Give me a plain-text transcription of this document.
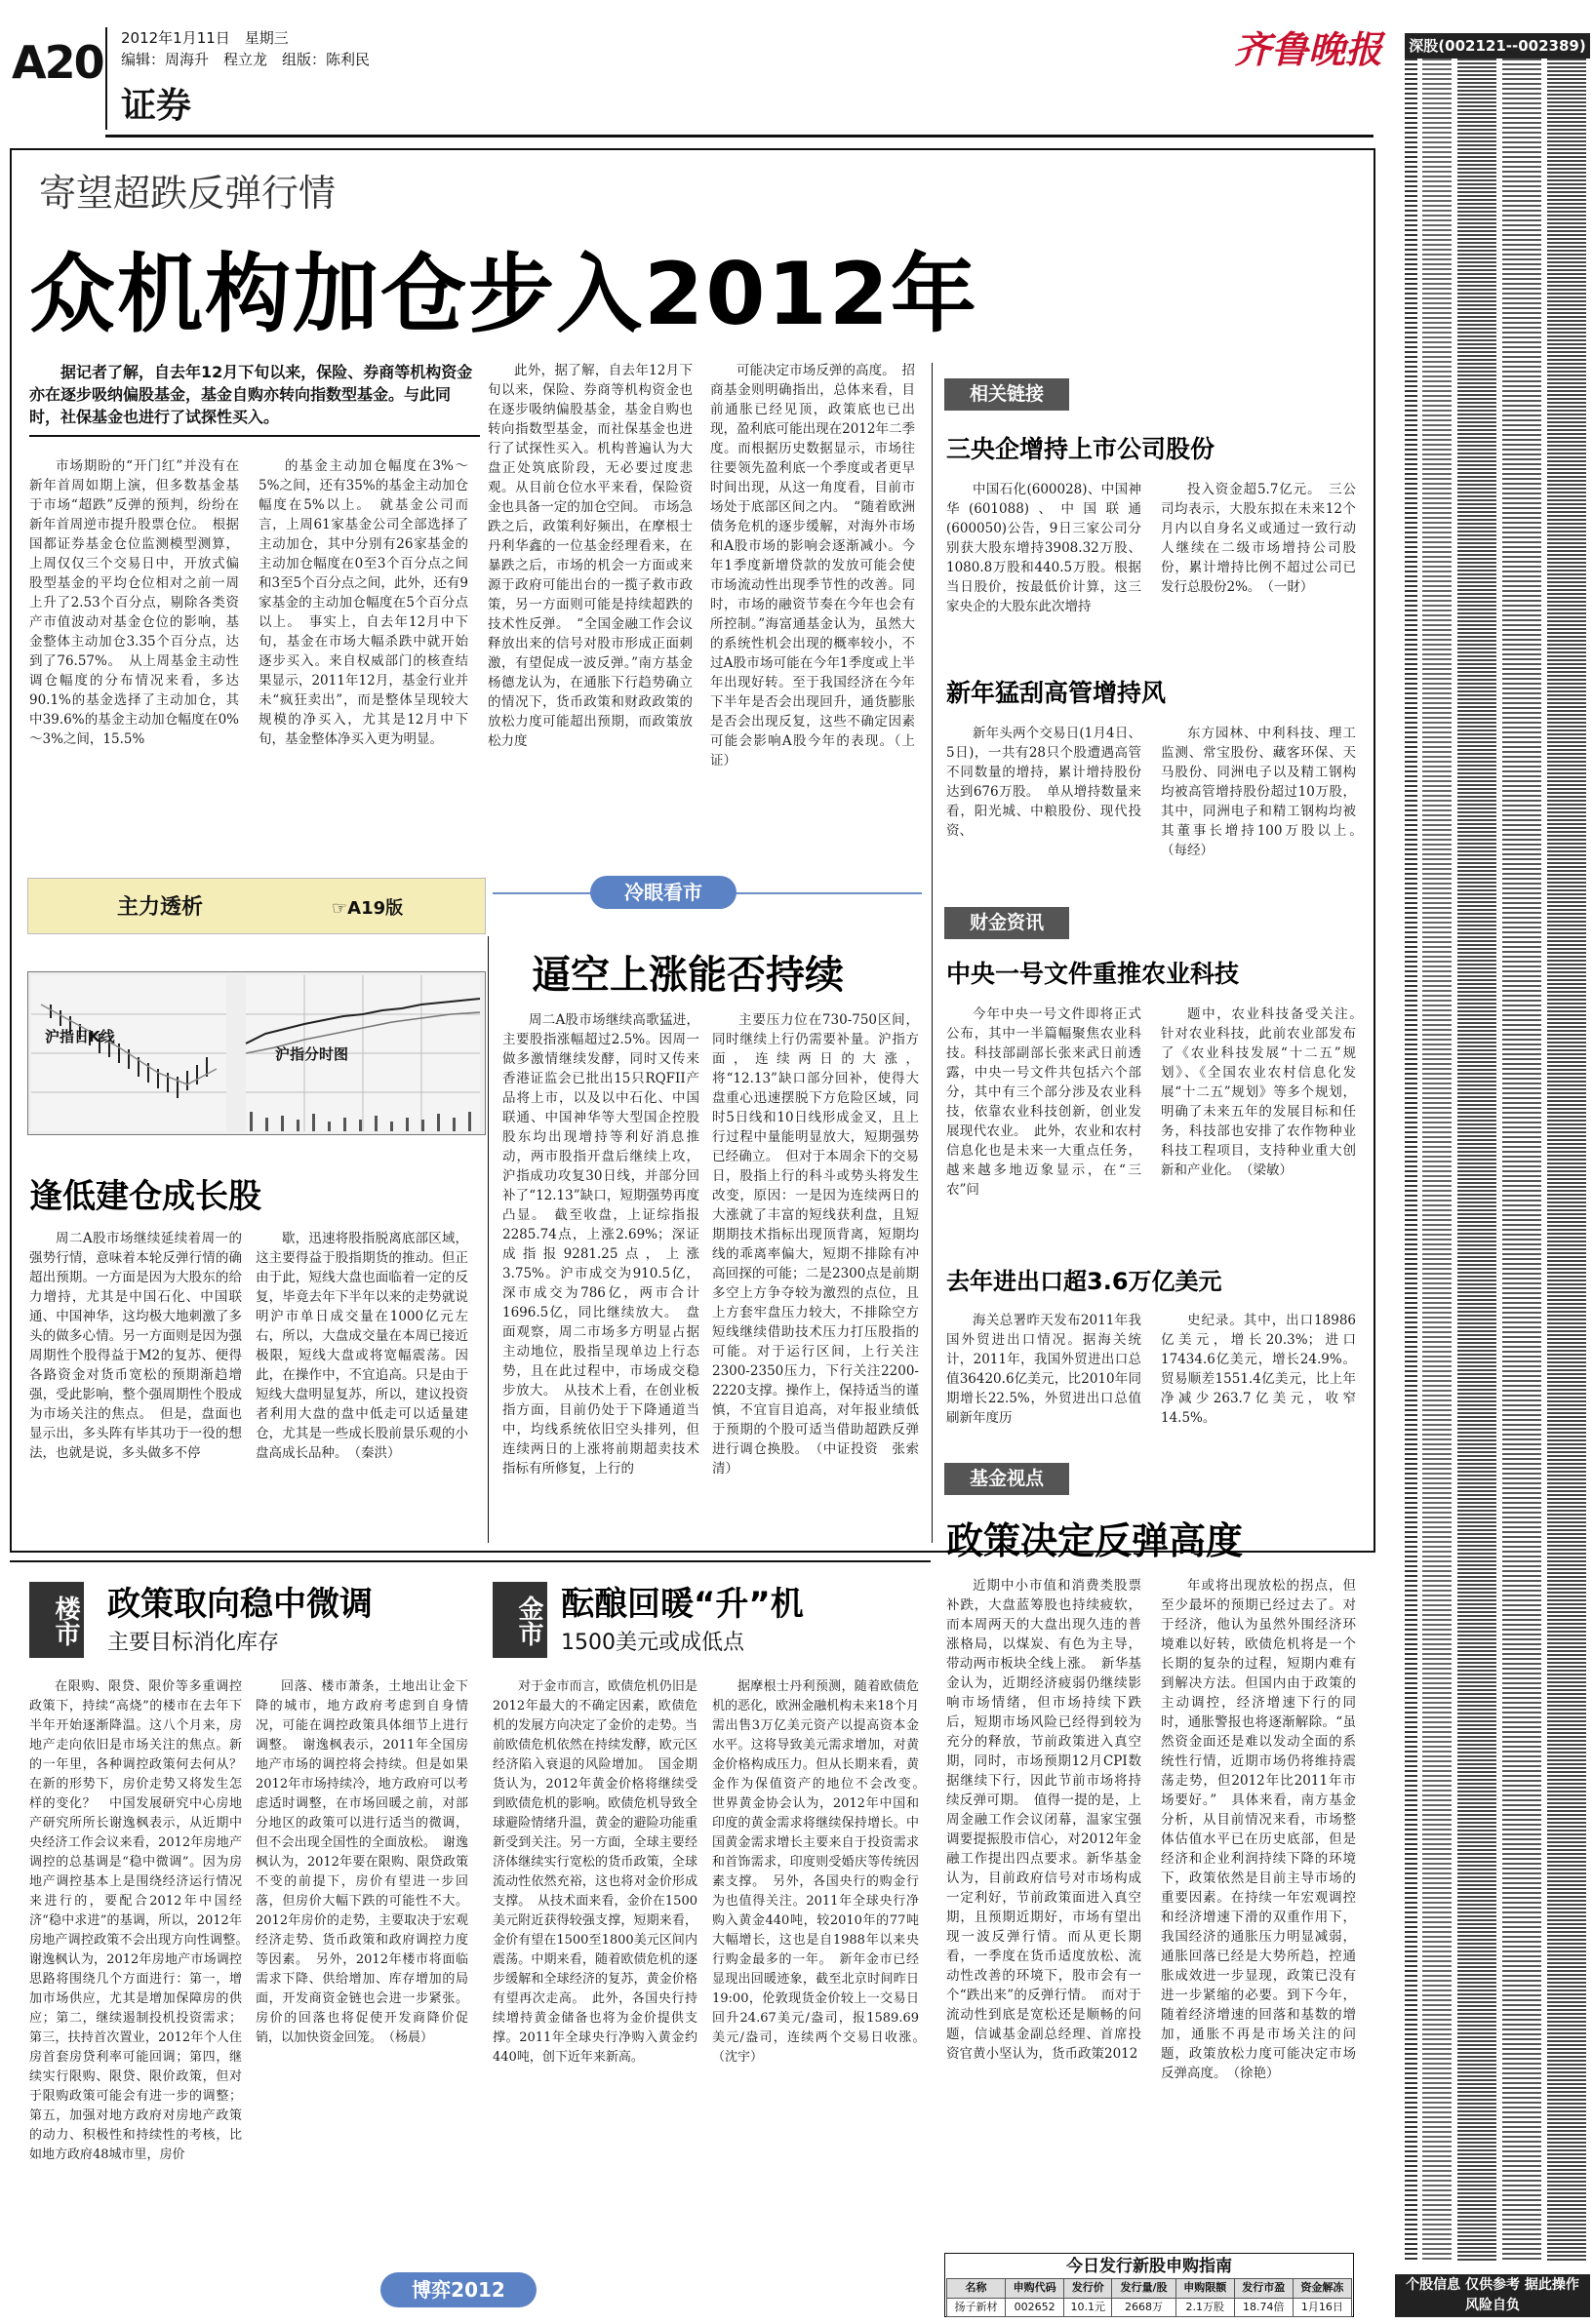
A20 2012年1月11日　星期三
编辑：周海升　程立龙　组版：陈利民
证券
齐鲁晚报 深股(002121--002389)
个股信息 仅供参考 据此操作 风险自负
寄望超跌反弹行情
众机构加仓步入2012年
据记者了解，自去年12月下旬以来，保险、券商等机构资金亦在逐步吸纳偏股基金，基金自购亦转向指数型基金。与此同时，社保基金也进行了试探性买入。

市场期盼的“开门红”并没有在新年首周如期上演，但多数基金基于市场“超跌”反弹的预判，纷纷在新年首周逆市提升股票仓位。　根据国都证券基金仓位监测模型测算，上周仅仅三个交易日中，开放式偏股型基金的平均仓位相对之前一周上升了2.53个百分点，剔除各类资产市值波动对基金仓位的影响，基金整体主动加仓3.35个百分点，达到了76.57%。　从上周基金主动性调仓幅度的分布情况来看，多达90.1%的基金选择了主动加仓，其中39.6%的基金主动加仓幅度在0%～3%之间，15.5%

的基金主动加仓幅度在3%～5%之间，还有35%的基金主动加仓幅度在5%以上。　就基金公司而言，上周61家基金公司全部选择了主动加仓，其中分别有26家基金的主动加仓幅度在0至3个百分点之间和3至5个百分点之间，此外，还有9家基金的主动加仓幅度在5个百分点以上。　事实上，自去年12月中下旬，基金在市场大幅杀跌中就开始逐步买入。来自权威部门的核查结果显示，2011年12月，基金行业并未“疯狂卖出”，而是整体呈现较大规模的净买入，尤其是12月中下旬，基金整体净买入更为明显。

此外，据了解，自去年12月下旬以来，保险、券商等机构资金也在逐步吸纳偏股基金，基金自购也转向指数型基金，而社保基金也进行了试探性买入。机构普遍认为大盘正处筑底阶段，无必要过度悲观。从目前仓位水平来看，保险资金也具备一定的加仓空间。　市场急跌之后，政策利好频出，在摩根士丹利华鑫的一位基金经理看来，在暴跌之后，市场的机会一方面或来源于政府可能出台的一揽子救市政策，另一方面则可能是持续超跌的技术性反弹。　“全国金融工作会议释放出来的信号对股市形成正面刺激，有望促成一波反弹。”南方基金杨德龙认为，在通胀下行趋势确立的情况下，货币政策和财政政策的放松力度可能超出预期，而政策放松力度

可能决定市场反弹的高度。　招商基金则明确指出，总体来看，目前通胀已经见顶，政策底也已出现，盈利底可能出现在2012年二季度。而根据历史数据显示，市场往往要领先盈利底一个季度或者更早时间出现，从这一角度看，目前市场处于底部区间之内。　“随着欧洲债务危机的逐步缓解，对海外市场和A股市场的影响会逐渐减小。今年1季度新增贷款的发放可能会使市场流动性出现季节性的改善。同时，市场的融资节奏在今年也会有所控制。”海富通基金认为，虽然大的系统性机会出现的概率较小，不过A股市场可能在今年1季度或上半年出现好转。至于我国经济在今年下半年是否会出现回升，通货膨胀是否会出现反复，这些不确定因素可能会影响A股今年的表现。（上证）

相关链接
三央企增持上市公司股份

中国石化(600028)、中国神华(601088)、中国联通(600050)公告，9日三家公司分别获大股东增持3908.32万股、1080.8万股和440.5万股。根据当日股价，按最低价计算，这三家央企的大股东此次增持

投入资金超5.7亿元。　三公司均表示，大股东拟在未来12个月内以自身名义或通过一致行动人继续在二级市场增持公司股份，累计增持比例不超过公司已发行总股份2%。　（一財）

新年猛刮高管增持风

新年头两个交易日(1月4日、5日)，一共有28只个股遭遇高管不同数量的增持，累计增持股份达到676万股。　单从增持数量来看，阳光城、中粮股份、现代投资、

东方园林、中利科技、理工监测、常宝股份、藏客环保、天马股份、同洲电子以及精工钢构均被高管增持股份超过10万股，其中，同洲电子和精工钢构均被其董事长增持100万股以上。　（每经）

财金资讯
中央一号文件重推农业科技

今年中央一号文件即将正式公布，其中一半篇幅聚焦农业科技。科技部副部长张来武日前透露，中央一号文件共包括六个部分，其中有三个部分涉及农业科技，依靠农业科技创新，创业发展现代农业。　此外，农业和农村信息化也是未来一大重点任务，越来越多地迈象显示，在“三农”问

题中，农业科技备受关注。　针对农业科技，此前农业部发布了《农业科技发展“十二五”规划》、《全国农业农村信息化发展“十二五”规划》等多个规划，明确了未来五年的发展目标和任务，科技部也安排了农作物种业科技工程项目，支持种业重大创新和产业化。　（梁敏）

去年进出口超3.6万亿美元

海关总署昨天发布2011年我国外贸进出口情况。据海关统计，2011年，我国外贸进出口总值36420.6亿美元，比2010年同期增长22.5%，外贸进出口总值刷新年度历

史纪录。其中，出口18986亿美元，增长20.3%；进口17434.6亿美元，增长24.9%。贸易顺差1551.4亿美元，比上年净减少263.7亿美元，收窄14.5%。

主力透析	☞A19版
冷眼看市
沪指日K线
沪指分时图
逢低建仓成长股

周二A股市场继续延续着周一的强势行情，意味着本轮反弹行情的确超出预期。一方面是因为大股东的给力增持，尤其是中国石化、中国联通、中国神华，这均极大地刺激了多头的做多心情。另一方面则是因为强周期性个股得益于M2的复苏、便得各路资金对货币宽松的预期渐趋增强，受此影响，整个强周期性个股成为市场关注的焦点。　但是，盘面也显示出，多头阵有毕其功于一役的想法，也就是说，多头做多不停

歇，迅速将股指脱离底部区域，这主要得益于股指期货的推动。但正由于此，短线大盘也面临着一定的反复，毕竟去年下半年以来的走势就说明沪市单日成交量在1000亿元左右，所以，大盘成交量在本周已接近极限，短线大盘或将宽幅震荡。因此，在操作中，不宜追高。只是由于短线大盘明显复苏，所以，建议投资者利用大盘的盘中低走可以适量建仓，尤其是一些成长股前景乐观的小盘高成长品种。　（秦洪）

逼空上涨能否持续

周二A股市场继续高歌猛进，主要股指涨幅超过2.5%。因周一做多激情继续发酵，同时又传来香港证监会已批出15只RQFII产品将上市，以及以中石化、中国联通、中国神华等大型国企控股股东均出现增持等利好消息推动，两市股指开盘后继续上攻，沪指成功攻复30日线，并部分回补了“12.13”缺口，短期强势再度凸显。　截至收盘，上证综指报2285.74点，上涨2.69%；深证成指报9281.25点，上涨3.75%。沪市成交为910.5亿，深市成交为786亿，两市合计1696.5亿，同比继续放大。　盘面观察，周二市场多方明显占据主动地位，股指呈现单边上行态势，且在此过程中，市场成交稳步放大。　从技术上看，在创业板指方面，目前仍处于下降通道当中，均线系统依旧空头排列，但连续两日的上涨将前期超卖技术指标有所修复，上行的

主要压力位在730-750区间，同时继续上行仍需要补量。沪指方面，连续两日的大涨，将“12.13”缺口部分回补，使得大盘重心迅速摆脱下方危险区域，同时5日线和10日线形成金叉，且上行过程中量能明显放大，短期强势已经确立。　但对于本周余下的交易日，股指上行的科斗或势头将发生改变，原因：一是因为连续两日的大涨就了丰富的短线获利盘，且短期期技术指标出现顶背离，短期均线的乖离率偏大，短期不排除有冲高回探的可能；二是2300点是前期多空上方争夺较为激烈的点位，且上方套牢盘压力较大，不排除空方短线继续借助技术压力打压股指的可能。对于运行区间，上行关注2300-2350压力，下行关注2200-2220支撑。操作上，保持适当的谨慎，不宜盲目追高，对年报业绩低于预期的个股可适当借助超跌反弹进行调仓换股。　（中证投资　张索清）	基金视点
政策决定反弹高度

近期中小市值和消费类股票补跌，大盘蓝筹股也持续疲软，而本周两天的大盘出现久违的普涨格局，以煤炭、有色为主导，带动两市板块全线上涨。　新华基金认为，近期经济疲弱仍继续影响市场情绪，但市场持续下跌后，短期市场风险已经得到较为充分的释放，节前政策进入真空期，同时，市场预期12月CPI数据继续下行，因此节前市场将持续反弹可期。　值得一提的是，上周金融工作会议闭幕，温家宝强调要提振股市信心，对2012年金融工作提出四点要求。新华基金认为，目前政府信号对市场构成一定利好，节前政策面进入真空期，且预期近期好，市场有望出现一波反弹行情。而从更长期看，一季度在货币适度放松、流动性改善的环境下，股市会有一个“跌出来”的反弹行情。　而对于流动性到底是宽松还是顺畅的问题，信诚基金副总经理、首席投资官黄小坚认为，货币政策2012

年或将出现放松的拐点，但至少最坏的预期已经过去了。对于经济，他认为虽然外围经济环境难以好转，欧债危机将是一个长期的复杂的过程，短期内难有到解决方法。但国内由于政策的主动调控，经济增速下行的同时，通胀警报也将逐渐解除。“虽然资金面还是难以发动全面的系统性行情，近期市场仍将维持震荡走势，但2012年比2011年市场要好。”　具体来看，南方基金分析，从目前情况来看，市场整体估值水平已在历史底部，但是经济和企业利润持续下降的环境下，政策依然是目前主导市场的重要因素。在持续一年宏观调控和经济增速下滑的双重作用下，我国经济的通胀压力明显减弱，通胀回落已经是大势所趋，控通胀成效进一步显现，政策已没有进一步紧缩的必要。到下今年，随着经济增速的回落和基数的增加，通胀不再是市场关注的问题，政策放松力度可能决定市场反弹高度。　（徐艳）

楼市 政策取向稳中微调
主要目标消化库存

在限购、限贷、限价等多重调控政策下，持续“高烧”的楼市在去年下半年开始逐渐降温。这八个月来，房地产走向依旧是市场关注的焦点。新的一年里，各种调控政策何去何从？在新的形势下，房价走势又将发生怎样的变化？　中国发展研究中心房地产研究所所长谢逸枫表示，从近期中央经济工作会议来看，2012年房地产调控的总基调是“稳中微调”。因为房地产调控基本上是围绕经济运行情况来进行的，要配合2012年中国经济“稳中求进”的基调，所以，2012年房地产调控政策不会出现方向性调整。　谢逸枫认为，2012年房地产市场调控思路将围绕几个方面进行：第一，增加市场供应，尤其是增加保障房的供应；第二，继续遏制投机投资需求；第三，扶持首次置业，2012年个人住房首套房贷利率可能回调；第四，继续实行限购、限贷、限价政策，但对于限购政策可能会有进一步的调整；第五，加强对地方政府对房地产政策的动力、积极性和持续性的考核，比如地方政府48城市里，房价

回落、楼市萧条，土地出让金下降的城市，地方政府考虑到自身情况，可能在调控政策具体细节上进行调整。　谢逸枫表示，2011年全国房地产市场的调控将会持续。但是如果2012年市场持续冷，地方政府可以考虑适时调整，在市场回暖之前，对部分地区的政策可以进行适当的微调，但不会出现全国性的全面放松。　谢逸枫认为，2012年要在限购、限贷政策不变的前提下，房价有望进一步回落，但房价大幅下跌的可能性不大。2012年房价的走势，主要取决于宏观经济走势、货币政策和政府调控力度等因素。　另外，2012年楼市将面临需求下降、供给增加、库存增加的局面，开发商资金链也会进一步紧张。房价的回落也将促使开发商降价促销，以加快资金回笼。　（杨晨）

金市 酝酿回暖“升”机
1500美元或成低点

对于金市而言，欧债危机仍旧是2012年最大的不确定因素，欧债危机的发展方向决定了金价的走势。当前欧债危机依然在持续发酵，欧元区经济陷入衰退的风险增加。　国金期货认为，2012年黄金价格将继续受到欧债危机的影响。欧债危机导致全球避险情绪升温，黄金的避险功能重新受到关注。另一方面，全球主要经济体继续实行宽松的货币政策，全球流动性依然充裕，这也将对金价形成支撑。　从技术面来看，金价在1500美元附近获得较强支撑，短期来看，金价有望在1500至1800美元区间内震荡。中期来看，随着欧债危机的逐步缓解和全球经济的复苏，黄金价格有望再次走高。　此外，各国央行持续增持黄金储备也将为金价提供支撑。2011年全球央行净购入黄金约440吨，创下近年来新高。

据摩根士丹利预测，随着欧债危机的恶化，欧洲金融机构未来18个月需出售3万亿美元资产以提高资本金水平。这将导致美元需求增加，对黄金价格构成压力。但从长期来看，黄金作为保值资产的地位不会改变。　世界黄金协会认为，2012年中国和印度的黄金需求将继续保持增长。中国黄金需求增长主要来自于投资需求和首饰需求，印度则受婚庆等传统因素支撑。　另外，各国央行的购金行为也值得关注。2011年全球央行净购入黄金440吨，较2010年的77吨大幅增长，这也是自1988年以来央行购金最多的一年。　新年金市已经显现出回暖迹象，截至北京时间昨日19:00，伦敦现货金价较上一交易日回升24.67美元/盎司，报1589.69美元/盎司，连续两个交易日收涨。　（沈宇）

博弈2012
今日发行新股申购指南
名称	申购代码	发行价	发行量/股	申购限额	发行市盈	资金解冻
扬子新材	002652	10.1元	2668万	2.1万股	18.74倍	1月16日
